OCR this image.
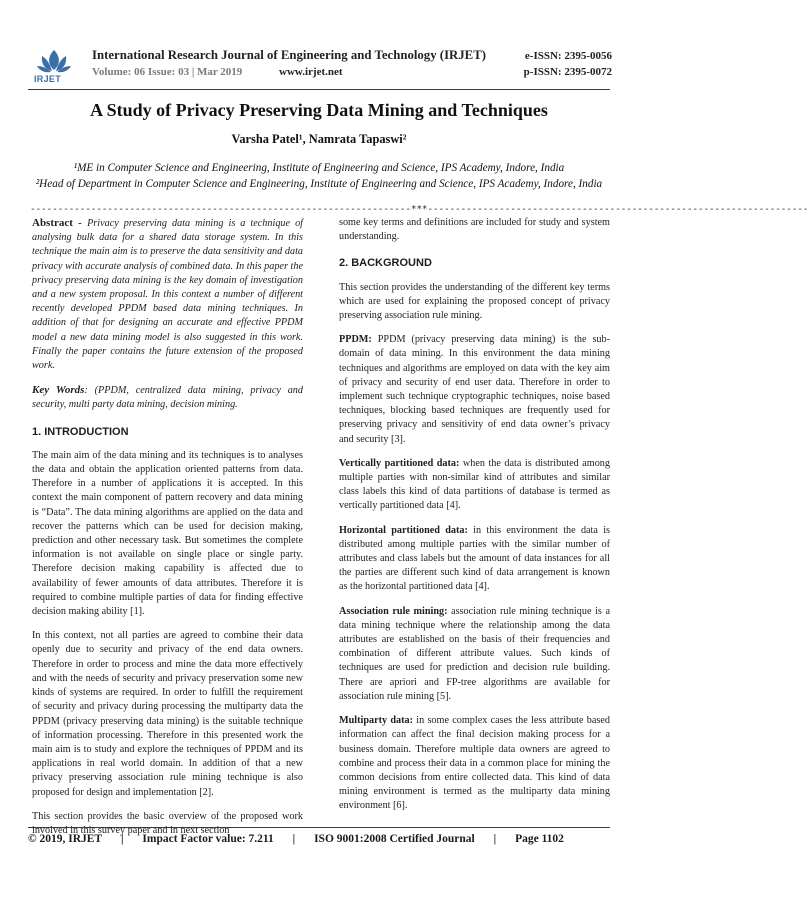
IRJET
International Research Journal of Engineering and Technology (IRJET)
Volume: 06 Issue: 03 | Mar 2019	www.irjet.net
e-ISSN: 2395-0056
p-ISSN: 2395-0072
A Study of Privacy Preserving Data Mining and Techniques
Varsha Patel¹, Namrata Tapaswi²
¹ME in Computer Science and Engineering, Institute of Engineering and Science, IPS Academy, Indore, India
²Head of Department in Computer Science and Engineering, Institute of Engineering and Science, IPS Academy, Indore, India
---------------------------------------------------------------------***---------------------------------------------------------------------

Abstract - Privacy preserving data mining is a technique of analysing bulk data for a shared data storage system. In this technique the main aim is to preserve the data sensitivity and data privacy with accurate analysis of combined data. In this paper the privacy preserving data mining is the key domain of investigation and a new system proposal. In this context a number of different recently developed PPDM based data mining techniques. In addition of that for designing an accurate and effective PPDM model a new data mining model is also suggested in this work. Finally the paper contains the future extension of the proposed work.

Key Words: (PPDM, centralized data mining, privacy and security, multi party data mining, decision mining.

1. INTRODUCTION

The main aim of the data mining and its techniques is to analyses the data and obtain the application oriented patterns from data. Therefore in a number of applications it is accepted. In this context the main component of pattern recovery and data mining is “Data”. The data mining algorithms are applied on the data and recover the patterns which can be used for decision making, prediction and other necessary task. But sometimes the complete information is not available on single place or single party. Therefore decision making capability is affected due to availability of fewer amounts of data attributes. Therefore it is required to combine multiple parties of data for finding effective decision making ability [1].

In this context, not all parties are agreed to combine their data openly due to security and privacy of the end data owners. Therefore in order to process and mine the data more effectively and with the needs of security and privacy preservation some new kinds of systems are required. In order to fulfill the requirement of security and privacy during processing the multiparty data the PPDM (privacy preserving data mining) is the suitable technique of information processing. Therefore in this presented work the main aim is to study and explore the techniques of PPDM and its applications in real world domain. In addition of that a new privacy preserving association rule mining technique is also proposed for design and implementation [2].

This section provides the basic overview of the proposed work involved in this survey paper and in next section

some key terms and definitions are included for study and system understanding.

2. BACKGROUND

This section provides the understanding of the different key terms which are used for explaining the proposed concept of privacy preserving association rule mining.

PPDM: PPDM (privacy preserving data mining) is the sub-domain of data mining. In this environment the data mining techniques and algorithms are employed on data with the key aim of privacy and security of end user data. Therefore in order to implement such technique cryptographic techniques, noise based techniques, blocking based techniques are frequently used for preserving privacy and sensitivity of end data owner’s privacy and security [3].

Vertically partitioned data: when the data is distributed among multiple parties with non-similar kind of attributes and similar class labels this kind of data partitions of database is termed as vertically partitioned data [4].

Horizontal partitioned data: in this environment the data is distributed among multiple parties with the similar number of attributes and class labels but the amount of data instances for all the parties are different such kind of data arrangement is known as the horizontal partitioned data [4].

Association rule mining: association rule mining technique is a data mining technique where the relationship among the data attributes are established on the basis of their frequencies and combination of different attribute values. Such kinds of techniques are used for prediction and decision rule building. There are apriori and FP-tree algorithms are available for association rule mining [5].

Multiparty data: in some complex cases the less attribute based information can affect the final decision making process for a business domain. Therefore multiple data owners are agreed to combine and process their data in a common place for mining the common decisions from entire collected data. This kind of data mining environment is termed as the multiparty data mining environment [6].

© 2019, IRJET | Impact Factor value: 7.211 | ISO 9001:2008 Certified Journal | Page 1102
